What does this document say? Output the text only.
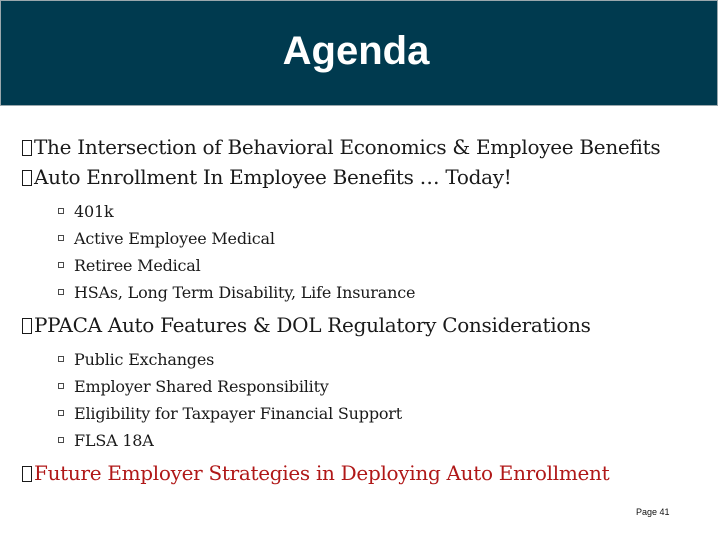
Agenda
The Intersection of Behavioral Economics & Employee Benefits
Auto Enrollment In Employee Benefits … Today!
401k
Active Employee Medical
Retiree Medical
HSAs, Long Term Disability, Life Insurance
PPACA Auto Features & DOL Regulatory Considerations
Public Exchanges
Employer Shared Responsibility
Eligibility for Taxpayer Financial Support
FLSA 18A
Future Employer Strategies in Deploying Auto Enrollment
Page 41
